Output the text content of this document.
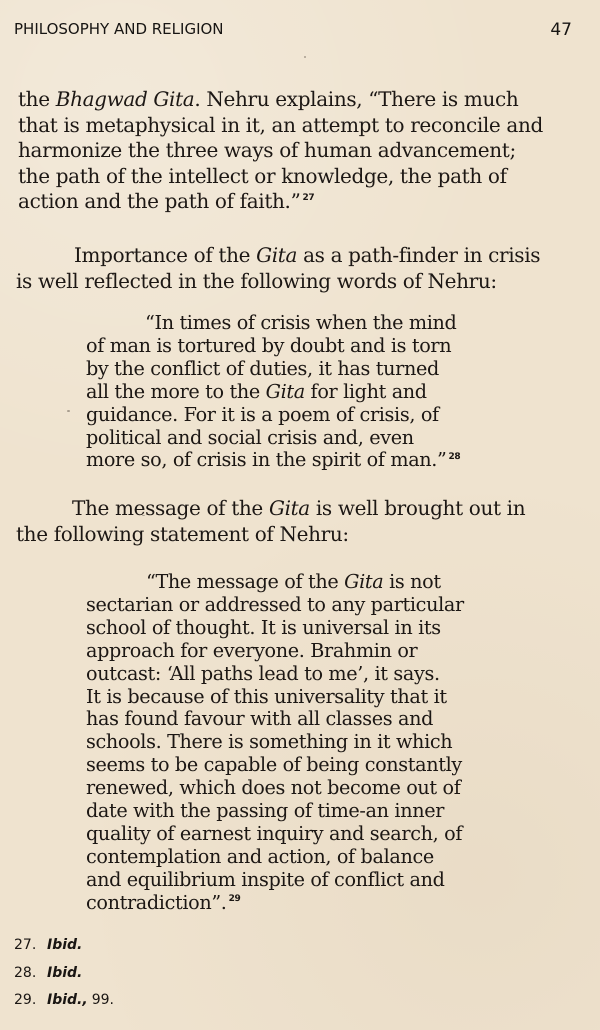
PHILOSOPHY AND RELIGION	47
the Bhagwad Gita. Nehru explains, “There is much
that is metaphysical in it, an attempt to reconcile and
harmonize the three ways of human advancement;
the path of the intellect or knowledge, the path of
action and the path of faith.” $^{27}$
Importance of the Gita as a path-finder in crisis
is well reflected in the following words of Nehru:
“In times of crisis when the mind
of man is tortured by doubt and is torn
by the conflict of duties, it has turned
all the more to the Gita for light and
guidance. For it is a poem of crisis, of
political and social crisis and, even
more so, of crisis in the spirit of man.” $^{28}$
The message of the Gita is well brought out in
the following statement of Nehru:
“The message of the Gita is not
sectarian or addressed to any particular
school of thought. It is universal in its
approach for everyone. Brahmin or
outcast: ‘All paths lead to me’, it says.
It is because of this universality that it
has found favour with all classes and
schools. There is something in it which
seems to be capable of being constantly
renewed, which does not become out of
date with the passing of time-an inner
quality of earnest inquiry and search, of
contemplation and action, of balance
and equilibrium inspite of conflict and
contradiction”. $^{29}$
27. Ibid.
28. Ibid.
29. Ibid., 99.
